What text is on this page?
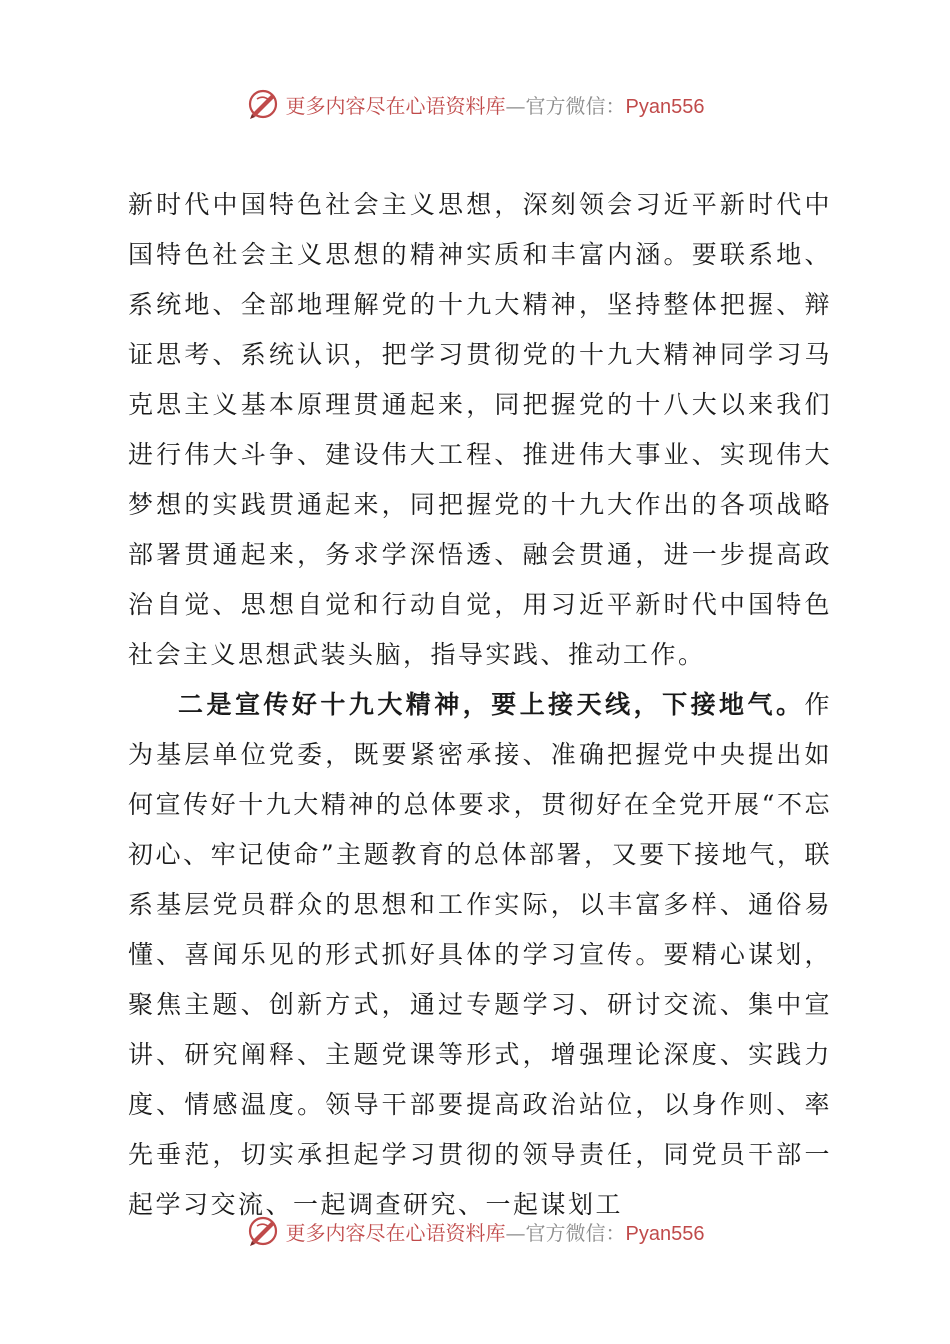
更多内容尽在心语资料库—官方微信：Pyan556

新时代中国特色社会主义思想，深刻领会习近平新时代中国特色社会主义思想的精神实质和丰富内涵。要联系地、系统地、全部地理解党的十九大精神，坚持整体把握、辩证思考、系统认识，把学习贯彻党的十九大精神同学习马克思主义基本原理贯通起来，同把握党的十八大以来我们进行伟大斗争、建设伟大工程、推进伟大事业、实现伟大梦想的实践贯通起来，同把握党的十九大作出的各项战略部署贯通起来，务求学深悟透、融会贯通，进一步提高政治自觉、思想自觉和行动自觉，用习近平新时代中国特色社会主义思想武装头脑，指导实践、推动工作。

二是宣传好十九大精神，要上接天线，下接地气。作为基层单位党委，既要紧密承接、准确把握党中央提出如何宣传好十九大精神的总体要求，贯彻好在全党开展“不忘初心、牢记使命”主题教育的总体部署，又要下接地气，联系基层党员群众的思想和工作实际，以丰富多样、通俗易懂、喜闻乐见的形式抓好具体的学习宣传。要精心谋划，聚焦主题、创新方式，通过专题学习、研讨交流、集中宣讲、研究阐释、主题党课等形式，增强理论深度、实践力度、情感温度。领导干部要提高政治站位，以身作则、率先垂范，切实承担起学习贯彻的领导责任，同党员干部一起学习交流、一起调查研究、一起谋划工

更多内容尽在心语资料库—官方微信：Pyan556
